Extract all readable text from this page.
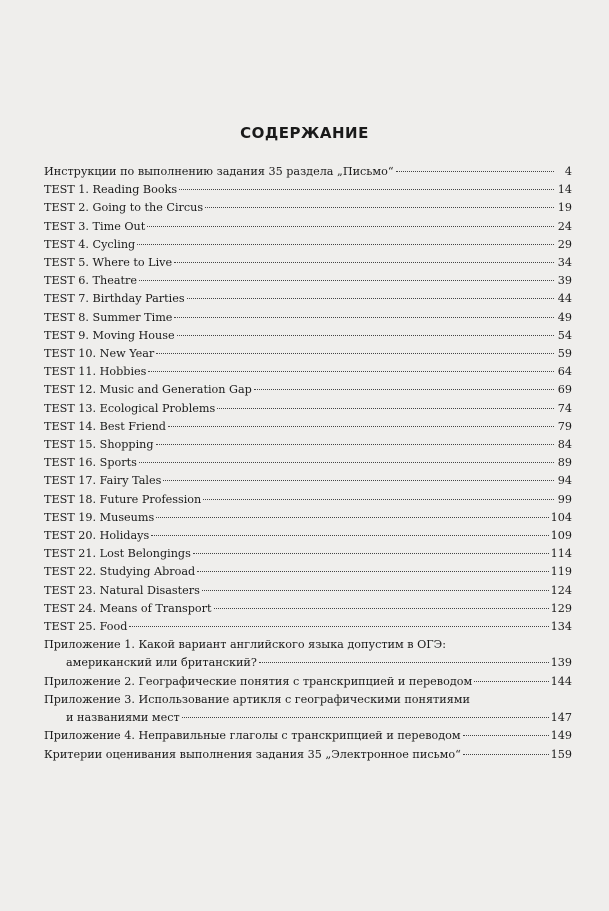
СОДЕРЖАНИЕ
Инструкции по выполнению задания 35 раздела „Письмо“	4
TEST 1. Reading Books	14
TEST 2. Going to the Circus	19
TEST 3. Time Out	24
TEST 4. Cycling	29
TEST 5. Where to Live	34
TEST 6. Theatre	39
TEST 7. Birthday Parties	44
TEST 8. Summer Time	49
TEST 9. Moving House	54
TEST 10. New Year	59
TEST 11. Hobbies	64
TEST 12. Music and Generation Gap	69
TEST 13. Ecological Problems	74
TEST 14. Best Friend	79
TEST 15. Shopping	84
TEST 16. Sports	89
TEST 17. Fairy Tales	94
TEST 18. Future Profession	99
TEST 19. Museums	104
TEST 20. Holidays	109
TEST 21. Lost Belongings	114
TEST 22. Studying Abroad	119
TEST 23. Natural Disasters	124
TEST 24. Means of Transport	129
TEST 25. Food	134
Приложение 1. Какой вариант английского языка допустим в ОГЭ:
американский или британский?	139
Приложение 2. Географические понятия с транскрипцией и переводом	144
Приложение 3. Использование артикля с географическими понятиями
и названиями мест	147
Приложение 4. Неправильные глаголы с транскрипцией и переводом	149
Критерии оценивания выполнения задания 35 „Электронное письмо“	159
